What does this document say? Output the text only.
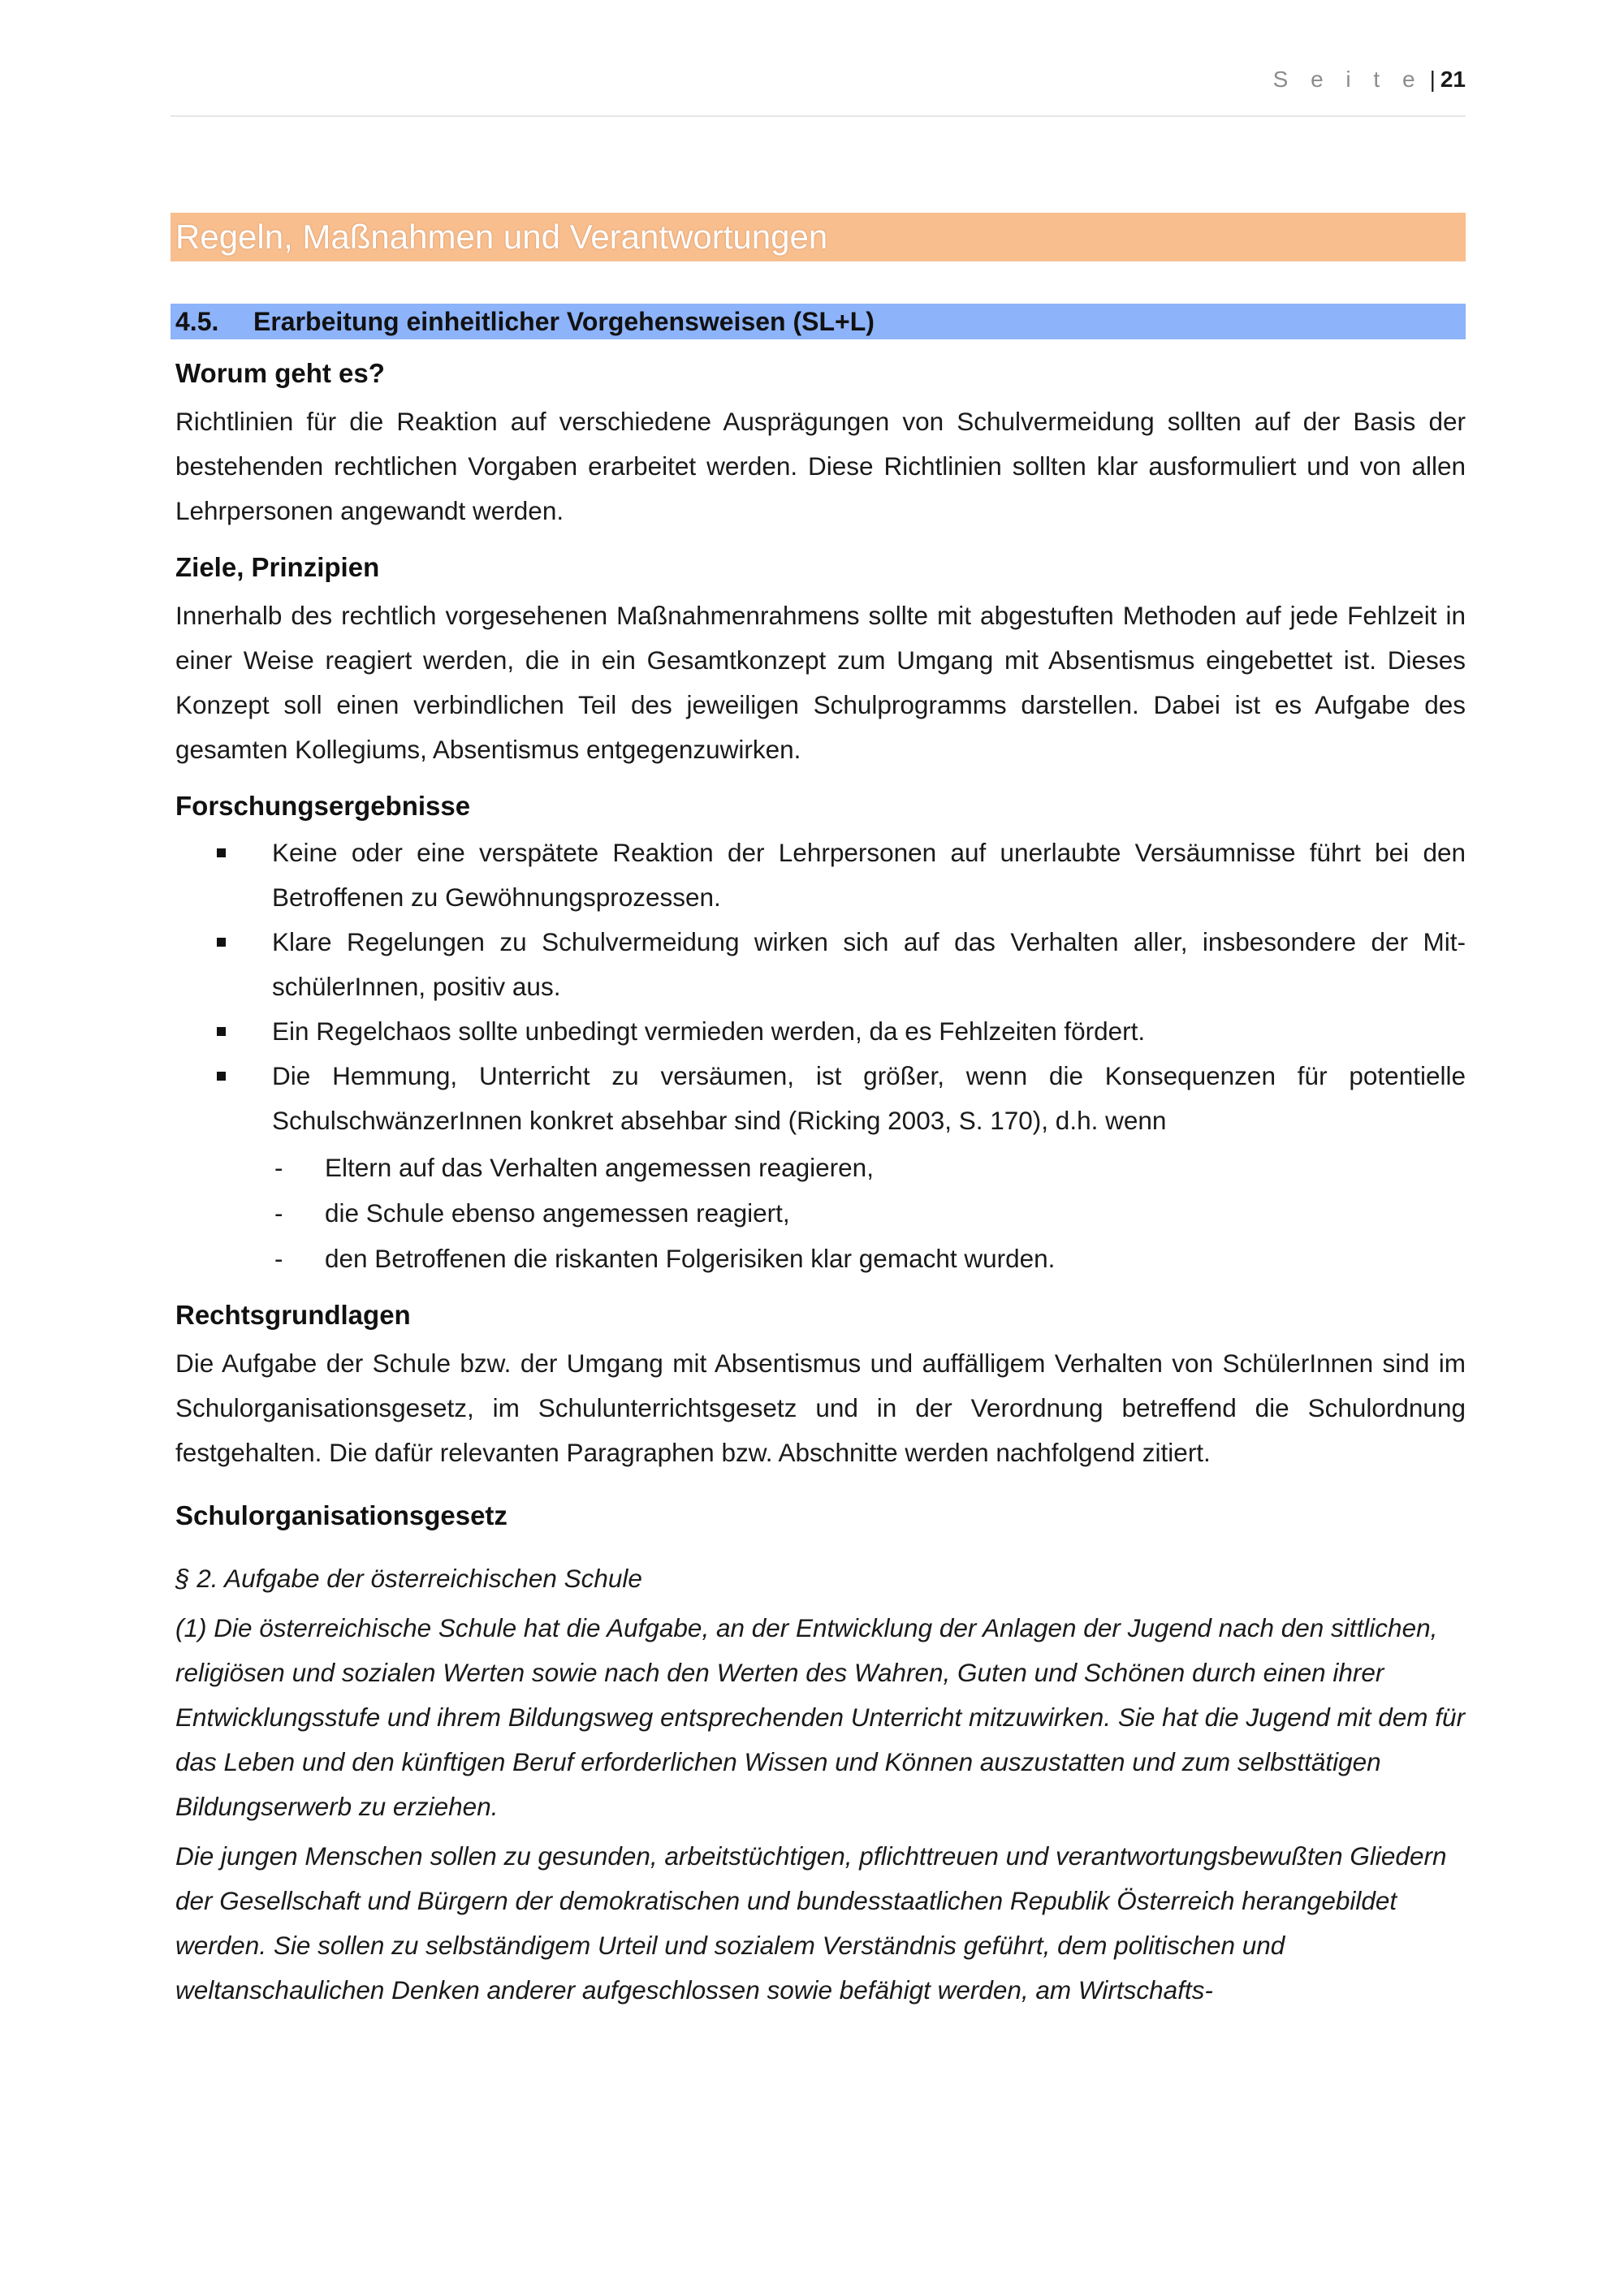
S e i t e | 21
Regeln, Maßnahmen und Verantwortungen
4.5. Erarbeitung einheitlicher Vorgehensweisen (SL+L)
Worum geht es?

Richtlinien für die Reaktion auf verschiedene Ausprägungen von Schulvermeidung sollten auf der Basis der bestehenden rechtlichen Vorgaben erarbeitet werden. Diese Richtlinien sollten klar ausformuliert und von allen Lehrpersonen angewandt werden.

Ziele, Prinzipien

Innerhalb des rechtlich vorgesehenen Maßnahmenrahmens sollte mit abgestuften Methoden auf jede Fehlzeit in einer Weise reagiert werden, die in ein Gesamtkonzept zum Umgang mit Absentismus eingebettet ist. Dieses Konzept soll einen verbindlichen Teil des jeweiligen Schulprogramms darstellen. Dabei ist es Aufgabe des gesamten Kollegiums, Absentismus entgegenzuwirken.

Forschungsergebnisse
Keine oder eine verspätete Reaktion der Lehrpersonen auf unerlaubte Versäumnisse führt bei den Betroffenen zu Gewöhnungsprozessen.
Klare Regelungen zu Schulvermeidung wirken sich auf das Verhalten aller, insbesondere der MitschülerInnen, positiv aus.
Ein Regelchaos sollte unbedingt vermieden werden, da es Fehlzeiten fördert.
Die Hemmung, Unterricht zu versäumen, ist größer, wenn die Konsequenzen für potentielle SchulschwänzerInnen konkret absehbar sind (Ricking 2003, S. 170), d.h. wenn
- Eltern auf das Verhalten angemessen reagieren,
- die Schule ebenso angemessen reagiert,
- den Betroffenen die riskanten Folgerisiken klar gemacht wurden.
Rechtsgrundlagen

Die Aufgabe der Schule bzw. der Umgang mit Absentismus und auffälligem Verhalten von SchülerInnen sind im Schulorganisationsgesetz, im Schulunterrichtsgesetz und in der Verordnung betreffend die Schulordnung festgehalten. Die dafür relevanten Paragraphen bzw. Abschnitte werden nachfolgend zitiert.

Schulorganisationsgesetz

§ 2. Aufgabe der österreichischen Schule

(1) Die österreichische Schule hat die Aufgabe, an der Entwicklung der Anlagen der Jugend nach den sittlichen, religiösen und sozialen Werten sowie nach den Werten des Wahren, Guten und Schönen durch einen ihrer Entwicklungsstufe und ihrem Bildungsweg entsprechenden Unterricht mitzuwirken. Sie hat die Jugend mit dem für das Leben und den künftigen Beruf erforderlichen Wissen und Können auszustatten und zum selbsttätigen Bildungserwerb zu erziehen.

Die jungen Menschen sollen zu gesunden, arbeitstüchtigen, pflichttreuen und verantwortungsbewußten Gliedern der Gesellschaft und Bürgern der demokratischen und bundesstaatlichen Republik Österreich herangebildet werden. Sie sollen zu selbständigem Urteil und sozialem Verständnis geführt, dem politischen und weltanschaulichen Denken anderer aufgeschlossen sowie befähigt werden, am Wirtschafts-
